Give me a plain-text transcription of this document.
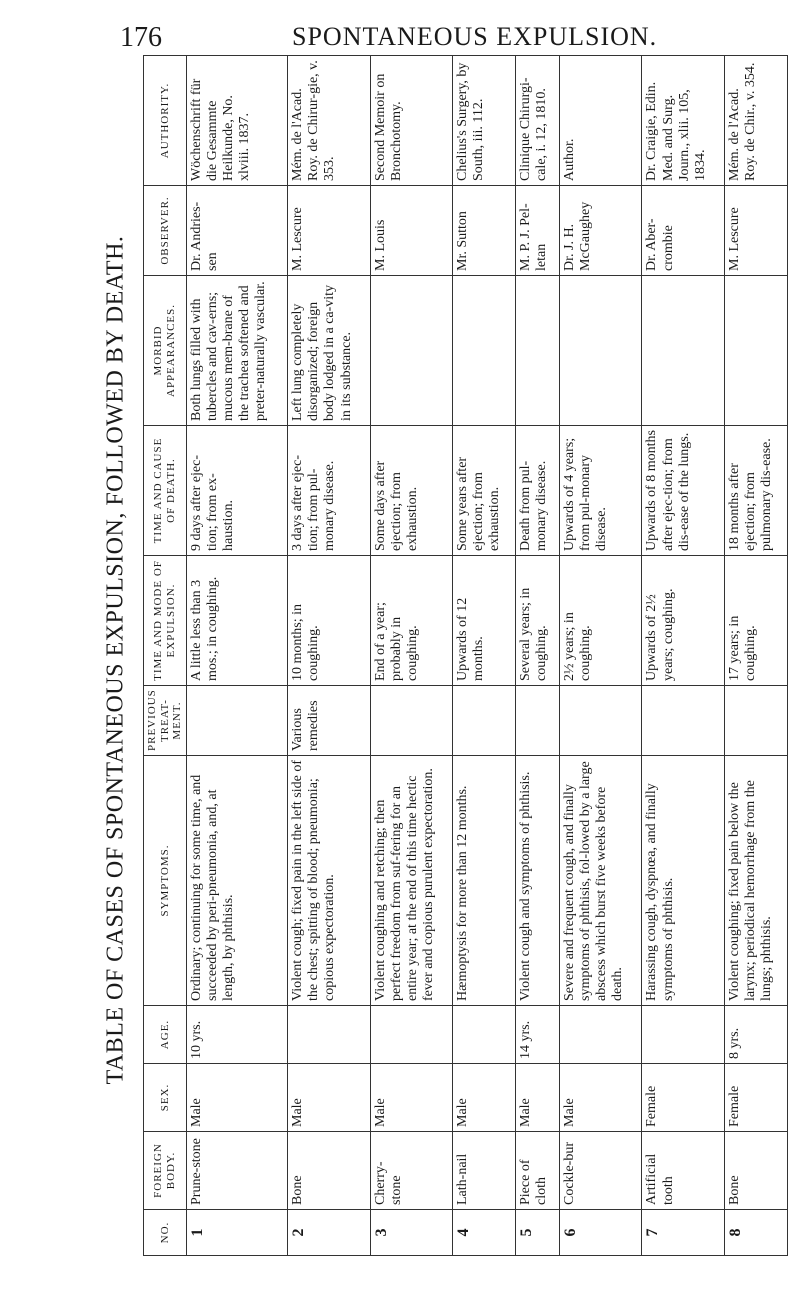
176	SPONTANEOUS EXPULSION.
TABLE OF CASES OF SPONTANEOUS EXPULSION, FOLLOWED BY DEATH.
NO.	FOREIGN BODY.	SEX.	AGE.	SYMPTOMS.	PREVIOUS TREAT-MENT.	TIME AND MODE OF EXPULSION.	TIME AND CAUSE OF DEATH.	MORBID APPEARANCES.	OBSERVER.	AUTHORITY.
1	Prune-stone	Male	10 yrs.	Ordinary; continuing for some time, and succeeded by peri-pneumonia, and, at length, by phthisis.		A little less than 3 mos.; in coughing.	9 days after ejec-tion; from ex-haustion.	Both lungs filled with tubercles and cav-erns; mucous mem-brane of the trachea softened and preter-naturally vascular.	Dr. Andries-sen	Wöchenschrift für die Gesammte Heilkunde, No. xlviii. 1837.
2	Bone	Male		Violent cough; fixed pain in the left side of the chest; spitting of blood; pneumonia; copious expectoration.	Various remedies	10 months; in coughing.	3 days after ejec-tion; from pul-monary disease.	Left lung completely disorganized; foreign body lodged in a ca-vity in its substance.	M. Lescure	Mém. de l'Acad. Roy. de Chirur-gie, v. 353.
3	Cherry-stone	Male		Violent coughing and retching; then perfect freedom from suf-fering for an entire year; at the end of this time hectic fever and copious purulent expectoration.		End of a year; probably in coughing.	Some days after ejection; from exhaustion.		M. Louis	Second Memoir on Bronchotomy.
4	Lath-nail	Male		Hæmoptysis for more than 12 months.		Upwards of 12 months.	Some years after ejection; from exhaustion.		Mr. Sutton	Chelius's Surgery, by South, iii. 112.
5	Piece of cloth	Male	14 yrs.	Violent cough and symptoms of phthisis.		Several years; in coughing.	Death from pul-monary disease.		M. P. J. Pel-letan	Clinique Chirurgi-cale, i. 12, 1810.
6	Cockle-bur	Male		Severe and frequent cough, and finally symptoms of phthisis, fol-lowed by a large abscess which burst five weeks before death.		2½ years; in coughing.	Upwards of 4 years; from pul-monary disease.		Dr. J. H. McGaughey	Author.
7	Artificial tooth	Female		Harassing cough, dyspnœa, and finally symptoms of phthisis.		Upwards of 2½ years; coughing.	Upwards of 8 months after ejec-tion; from dis-ease of the lungs.		Dr. Aber-crombie	Dr. Craigie, Edin. Med. and Surg. Journ., xlii. 105, 1834.
8	Bone	Female	8 yrs.	Violent coughing; fixed pain below the larynx; periodical hemorrhage from the lungs; phthisis.		17 years; in coughing.	18 months after ejection; from pulmonary dis-ease.		M. Lescure	Mém. de l'Acad. Roy. de Chir., v. 354.
